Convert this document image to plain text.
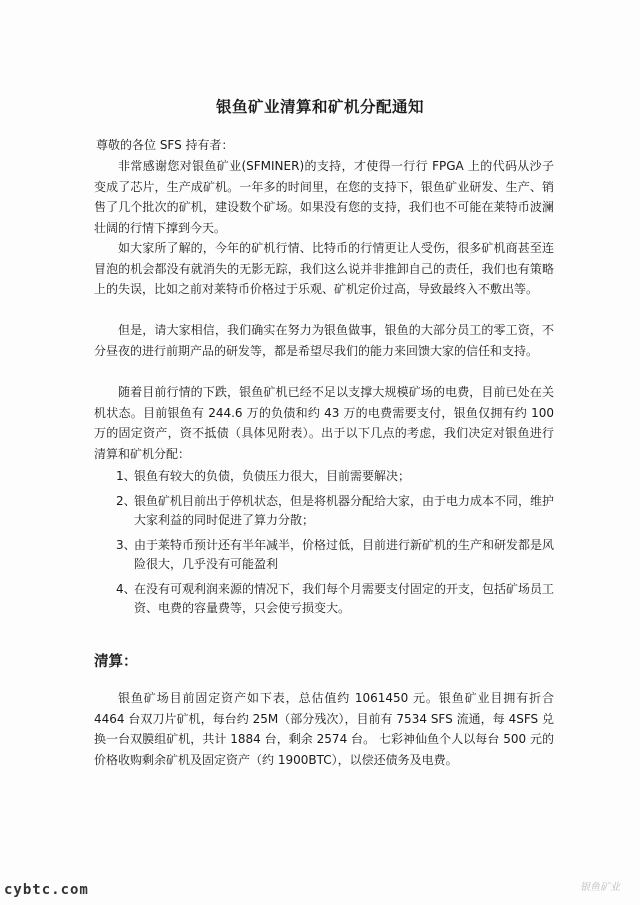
银鱼矿业清算和矿机分配通知
尊敬的各位 SFS 持有者：

非常感谢您对银鱼矿业(SFMINER)的支持，才使得一行行 FPGA 上的代码从沙子变成了芯片，生产成矿机。一年多的时间里，在您的支持下，银鱼矿业研发、生产、销售了几个批次的矿机，建设数个矿场。如果没有您的支持，我们也不可能在莱特币波澜壮阔的行情下撑到今天。

如大家所了解的，今年的矿机行情、比特币的行情更让人受伤，很多矿机商甚至连冒泡的机会都没有就消失的无影无踪，我们这么说并非推卸自己的责任，我们也有策略上的失误，比如之前对莱特币价格过于乐观、矿机定价过高，导致最终入不敷出等。

但是，请大家相信，我们确实在努力为银鱼做事，银鱼的大部分员工的零工资，不分昼夜的进行前期产品的研发等，都是希望尽我们的能力来回馈大家的信任和支持。

随着目前行情的下跌，银鱼矿机已经不足以支撑大规模矿场的电费，目前已处在关机状态。目前银鱼有 244.6 万的负债和约 43 万的电费需要支付，银鱼仅拥有约 100 万的固定资产，资不抵债（具体见附表）。出于以下几点的考虑，我们决定对银鱼进行清算和矿机分配：

1、
银鱼有较大的负债，负债压力很大，目前需要解决；
2、
银鱼矿机目前出于停机状态，但是将机器分配给大家，由于电力成本不同，维护大家利益的同时促进了算力分散；
3、
由于莱特币预计还有半年减半，价格过低，目前进行新矿机的生产和研发都是风险很大，几乎没有可能盈利
4、
在没有可观利润来源的情况下，我们每个月需要支付固定的开支，包括矿场员工资、电费的容量费等，只会使亏损变大。
清算：

银鱼矿场目前固定资产如下表，总估值约 1061450 元。银鱼矿业目拥有折合 4464 台双刀片矿机，每台约 25M（部分残次），目前有 7534 SFS 流通，每 4SFS 兑换一台双膜组矿机，共计 1884 台，剩余 2574 台。 七彩神仙鱼个人以每台 500 元的价格收购剩余矿机及固定资产（约 1900BTC），以偿还债务及电费。

cybtc.com	银鱼矿业
